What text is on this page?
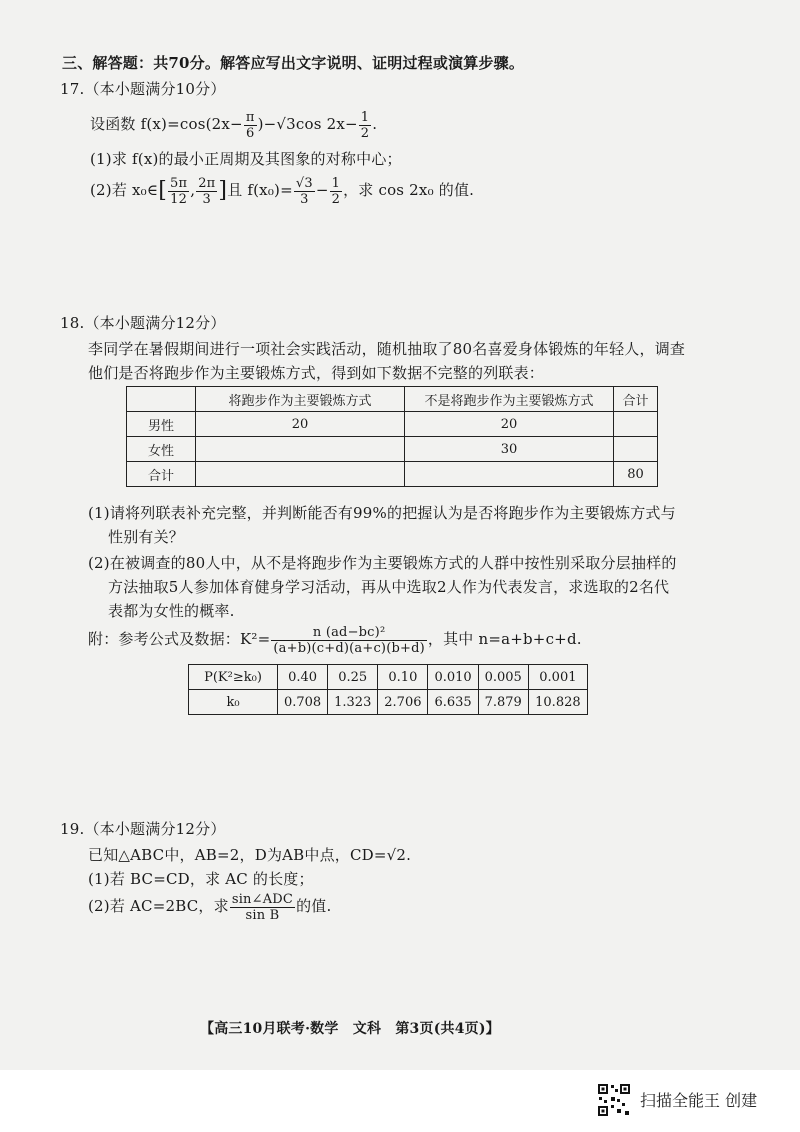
三、解答题：共70分。解答应写出文字说明、证明过程或演算步骤。
17.（本小题满分10分）
设函数 $f(x)=\cos(2x- \frac{\pi}{6} )-√3\cos$ $2x- \frac{1}{2}$ .
(1)求 f(x)的最小正周期及其图象的对称中心；
(2)若 x₀∈[ $\frac{5\pi}{12}$ , $\frac{2\pi}{3}$ ]且 $f(x_0)= \frac{√3}{3} - \frac{1}{2}$ ，求 cos 2x₀ 的值.
18.（本小题满分12分）
李同学在暑假期间进行一项社会实践活动，随机抽取了80名喜爱身体锻炼的年轻人，调查
他们是否将跑步作为主要锻炼方式，得到如下数据不完整的列联表：
	将跑步作为主要锻炼方式	不是将跑步作为主要锻炼方式	合计
男性	20	20	
女性		30	
合计			80
(1)请将列联表补充完整，并判断能否有99%的把握认为是否将跑步作为主要锻炼方式与
性别有关？
(2)在被调查的80人中，从不是将跑步作为主要锻炼方式的人群中按性别采取分层抽样的
方法抽取5人参加体育健身学习活动，再从中选取2人作为代表发言，求选取的2名代
表都为女性的概率.
附：参考公式及数据：$K^2= \frac{\text{n (ad−bc)²}}{(a+b)(c+d)(a+c)(b+d)}$ ，其中 n=a+b+c+d.
P(K²≥k₀)	0.40	0.25	0.10	0.010	0.005	0.001
k₀	0.708	1.323	2.706	6.635	7.879	10.828
19.（本小题满分12分）
已知△ABC中，AB=2，D为AB中点，CD=√2.
(1)若 BC=CD，求 AC 的长度；
(2)若 AC=2BC，求 $\frac{\text{sin∠ADC}}{\text{sin B}}$ 的值.
【高三10月联考·数学　文科　第3页(共4页)】
扫描全能王 创建
